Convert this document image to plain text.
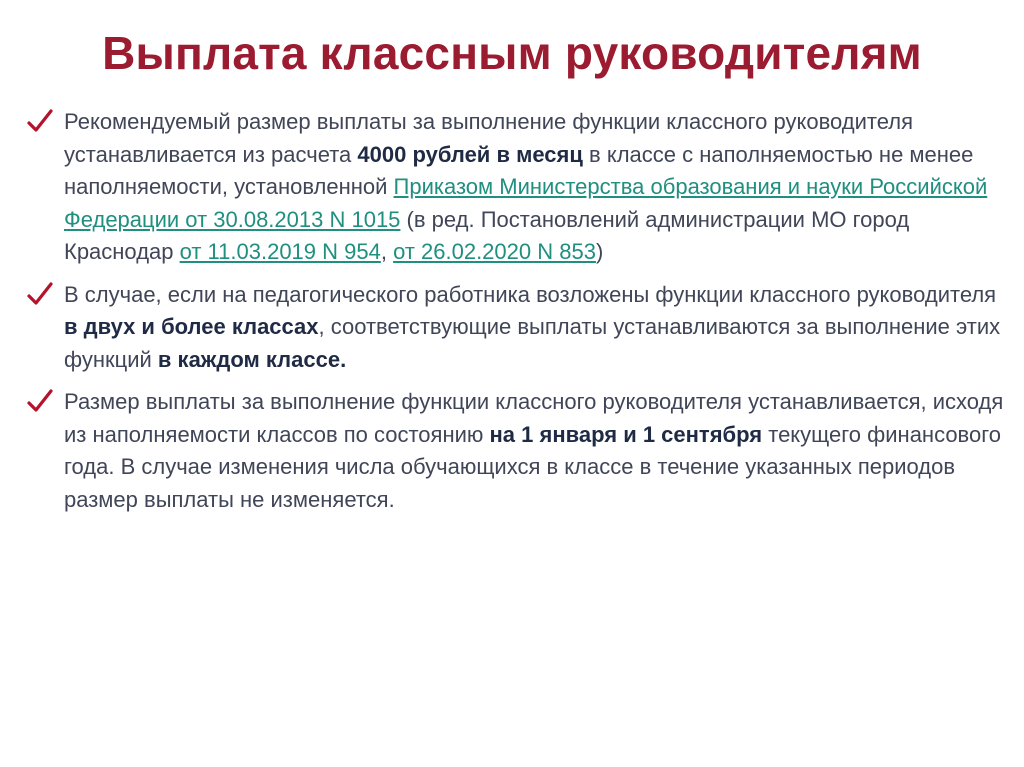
Выплата классным руководителям
Рекомендуемый размер выплаты за выполнение функции классного руководителя устанавливается из расчета 4000 рублей в месяц в классе с наполняемостью не менее наполняемости, установленной Приказом Министерства образования и науки Российской Федерации от 30.08.2013 N 1015 (в ред. Постановлений администрации МО город Краснодар от 11.03.2019 N 954, от 26.02.2020 N 853)
В случае, если на педагогического работника возложены функции классного руководителя в двух и более классах, соответствующие выплаты устанавливаются за выполнение этих функций в каждом классе.
Размер выплаты за выполнение функции классного руководителя устанавливается, исходя из наполняемости классов по состоянию на 1 января и 1 сентября текущего финансового года. В случае изменения числа обучающихся в классе в течение указанных периодов размер выплаты не изменяется.
